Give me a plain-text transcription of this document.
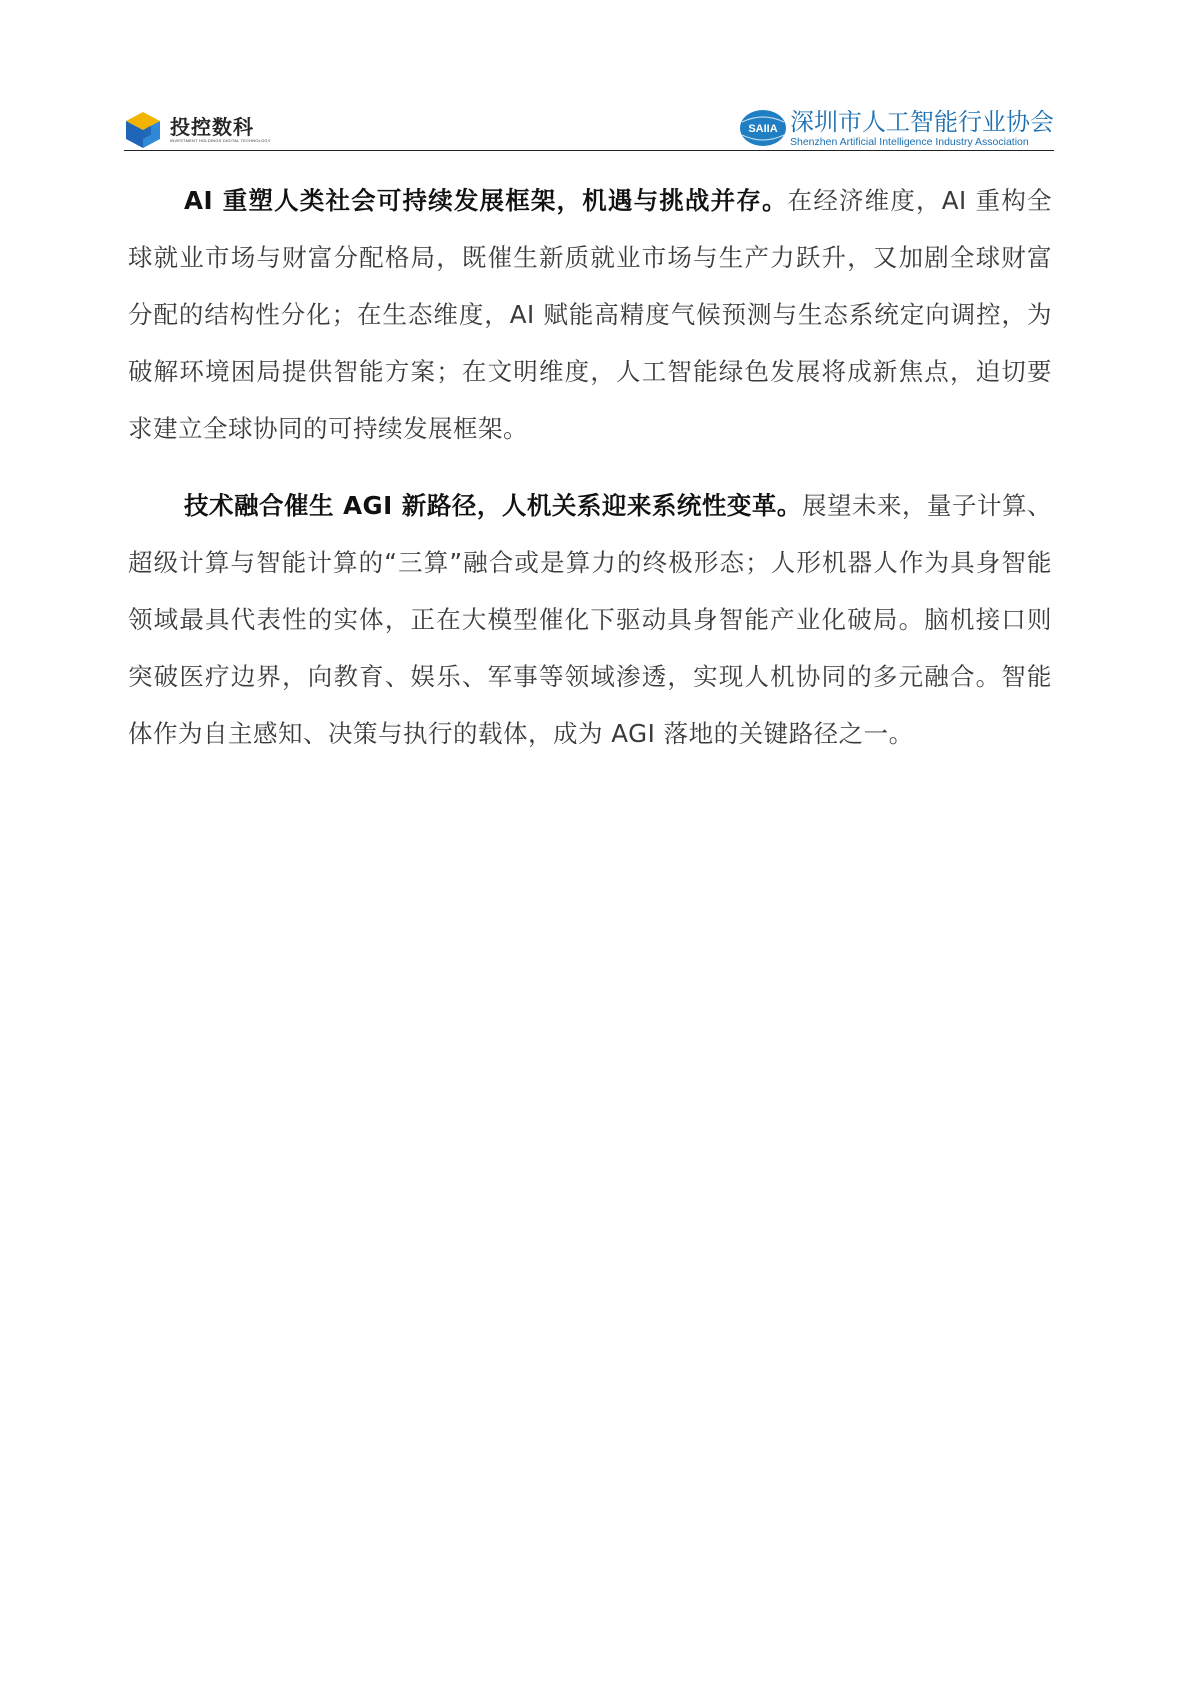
投控数科
INVESTMENT HOLDINGS DIGITAL TECHNOLOGY
SAIIA 深圳市人工智能行业协会
Shenzhen Artificial Intelligence Industry Association

AI 重塑人类社会可持续发展框架，机遇与挑战并存。在经济维度，AI 重构全球就业市场与财富分配格局，既催生新质就业市场与生产力跃升，又加剧全球财富分配的结构性分化；在生态维度，AI 赋能高精度气候预测与生态系统定向调控，为破解环境困局提供智能方案；在文明维度，人工智能绿色发展将成新焦点，迫切要求建立全球协同的可持续发展框架。

技术融合催生 AGI 新路径，人机关系迎来系统性变革。展望未来，量子计算、超级计算与智能计算的“三算”融合或是算力的终极形态；人形机器人作为具身智能领域最具代表性的实体，正在大模型催化下驱动具身智能产业化破局。脑机接口则突破医疗边界，向教育、娱乐、军事等领域渗透，实现人机协同的多元融合。智能体作为自主感知、决策与执行的载体，成为 AGI 落地的关键路径之一。
